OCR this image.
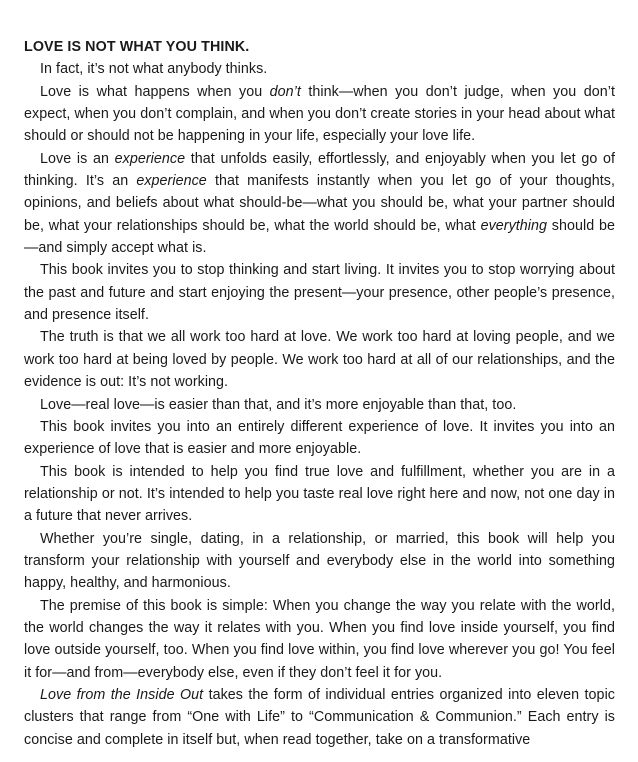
LOVE IS NOT WHAT YOU THINK.

In fact, it’s not what anybody thinks.

Love is what happens when you don’t think—when you don’t judge, when you don’t expect, when you don’t complain, and when you don’t create stories in your head about what should or should not be happening in your life, especially your love life.

Love is an experience that unfolds easily, effortlessly, and enjoyably when you let go of thinking. It’s an experience that manifests instantly when you let go of your thoughts, opinions, and beliefs about what should-be—what you should be, what your partner should be, what your relationships should be, what the world should be, what everything should be—and simply accept what is.

This book invites you to stop thinking and start living. It invites you to stop worrying about the past and future and start enjoying the present—your presence, other people’s presence, and presence itself.

The truth is that we all work too hard at love. We work too hard at loving people, and we work too hard at being loved by people. We work too hard at all of our relationships, and the evidence is out: It’s not working.

Love—real love—is easier than that, and it’s more enjoyable than that, too.

This book invites you into an entirely different experience of love. It invites you into an experience of love that is easier and more enjoyable.

This book is intended to help you find true love and fulfillment, whether you are in a relationship or not. It’s intended to help you taste real love right here and now, not one day in a future that never arrives.

Whether you’re single, dating, in a relationship, or married, this book will help you transform your relationship with yourself and everybody else in the world into something happy, healthy, and harmonious.

The premise of this book is simple: When you change the way you relate with the world, the world changes the way it relates with you. When you find love inside yourself, you find love outside yourself, too. When you find love within, you find love wherever you go! You feel it for—and from—everybody else, even if they don’t feel it for you.

Love from the Inside Out takes the form of individual entries organized into eleven topic clusters that range from “One with Life” to “Communication & Communion.” Each entry is concise and complete in itself but, when read together, take on a transformative
